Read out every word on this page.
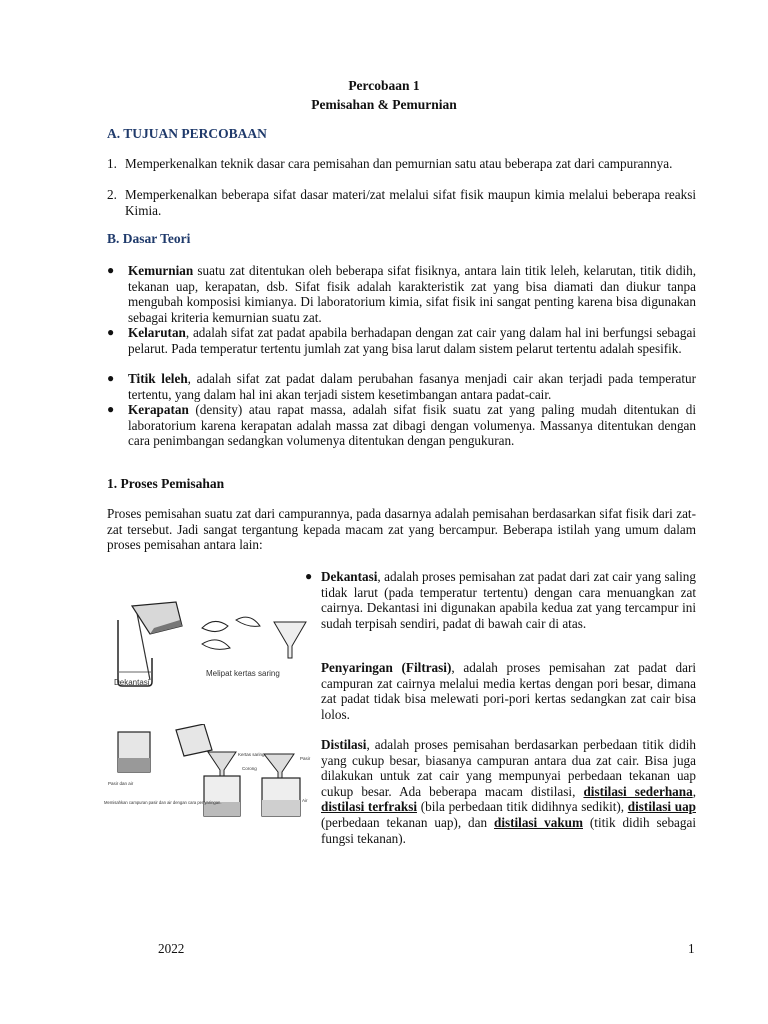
Percobaan 1
Pemisahan & Pemurnian
A. TUJUAN PERCOBAAN
1. Memperkenalkan teknik dasar cara pemisahan dan pemurnian satu atau beberapa zat dari campurannya.
2. Memperkenalkan beberapa sifat dasar materi/zat melalui sifat fisik maupun kimia melalui beberapa reaksi Kimia.
B. Dasar Teori
● Kemurnian suatu zat ditentukan oleh beberapa sifat fisiknya, antara lain titik leleh, kelarutan, titik didih, tekanan uap, kerapatan, dsb. Sifat fisik adalah karakteristik zat yang bisa diamati dan diukur tanpa mengubah komposisi kimianya. Di laboratorium kimia, sifat fisik ini sangat penting karena bisa digunakan sebagai kriteria kemurnian suatu zat.
● Kelarutan, adalah sifat zat padat apabila berhadapan dengan zat cair yang dalam hal ini berfungsi sebagai pelarut. Pada temperatur tertentu jumlah zat yang bisa larut dalam sistem pelarut tertentu adalah spesifik.
● Titik leleh, adalah sifat zat padat dalam perubahan fasanya menjadi cair akan terjadi pada temperatur tertentu, yang dalam hal ini akan terjadi sistem kesetimbangan antara padat-cair.
● Kerapatan (density) atau rapat massa, adalah sifat fisik suatu zat yang paling mudah ditentukan di laboratorium karena kerapatan adalah massa zat dibagi dengan volumenya. Massanya ditentukan dengan cara penimbangan sedangkan volumenya ditentukan dengan pengukuran.
1. Proses Pemisahan
Proses pemisahan suatu zat dari campurannya, pada dasarnya adalah pemisahan berdasarkan sifat fisik dari zat-zat tersebut. Jadi sangat tergantung kepada macam zat yang bercampur. Beberapa istilah yang umum dalam proses pemisahan antara lain:
Dekantasi
Melipat kertas saring
Pasir dan air
Kertas saring
Corong
Pasir
Air
Memisahkan campuran pasir dan air dengan cara penyaringan.
● Dekantasi, adalah proses pemisahan zat padat dari zat cair yang saling tidak larut (pada temperatur tertentu) dengan cara menuangkan zat cairnya. Dekantasi ini digunakan apabila kedua zat yang tercampur ini sudah terpisah sendiri, padat di bawah cair di atas.
Penyaringan (Filtrasi), adalah proses pemisahan zat padat dari campuran zat cairnya melalui media kertas dengan pori besar, dimana zat padat tidak bisa melewati pori-pori kertas sedangkan zat cair bisa lolos.
Distilasi, adalah proses pemisahan berdasarkan perbedaan titik didih yang cukup besar, biasanya campuran antara dua zat cair. Bisa juga dilakukan untuk zat cair yang mempunyai perbedaan tekanan uap cukup besar. Ada beberapa macam distilasi, distilasi sederhana, distilasi terfraksi (bila perbedaan titik didihnya sedikit), distilasi uap (perbedaan tekanan uap), dan distilasi vakum (titik didih sebagai fungsi tekanan).
2022	1
